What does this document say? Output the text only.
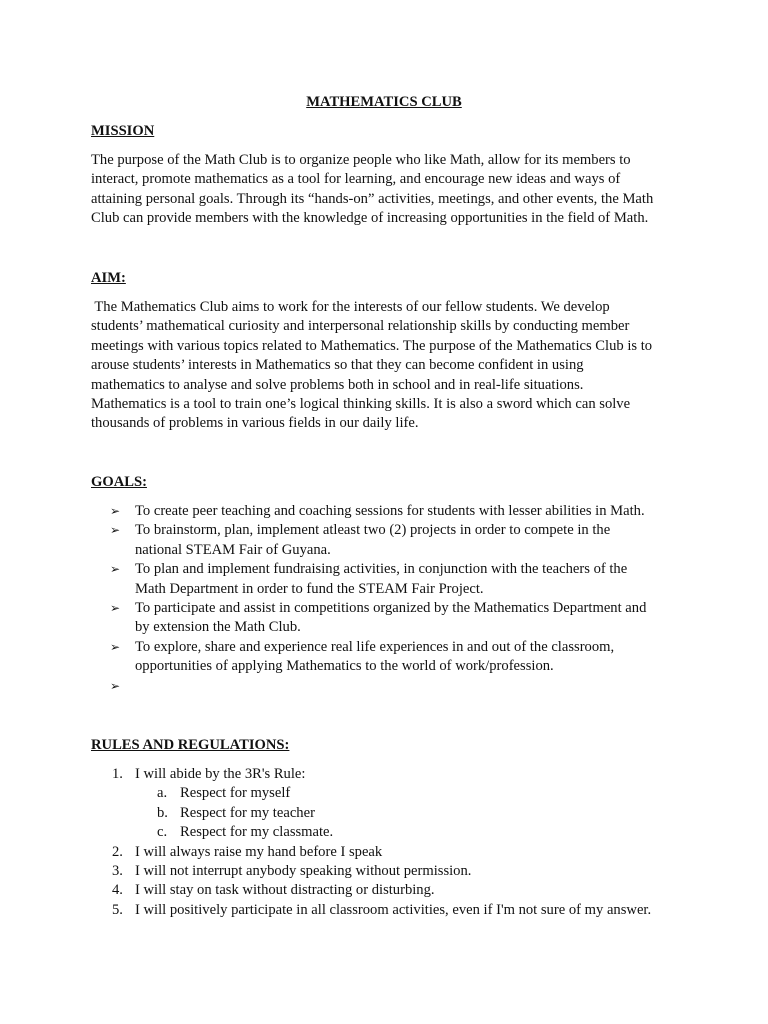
MATHEMATICS CLUB
MISSION

The purpose of the Math Club is to organize people who like Math, allow for its members to

interact, promote mathematics as a tool for learning, and encourage new ideas and ways of

attaining personal goals. Through its “hands-on” activities, meetings, and other events, the Math

Club can provide members with the knowledge of increasing opportunities in the field of Math.

AIM:

The Mathematics Club aims to work for the interests of our fellow students. We develop

students’ mathematical curiosity and interpersonal relationship skills by conducting member

meetings with various topics related to Mathematics. The purpose of the Mathematics Club is to

arouse students’ interests in Mathematics so that they can become confident in using

mathematics to analyse and solve problems both in school and in real-life situations.

Mathematics is a tool to train one’s logical thinking skills. It is also a sword which can solve

thousands of problems in various fields in our daily life.

GOALS:
➢ To create peer teaching and coaching sessions for students with lesser abilities in Math.
➢ To brainstorm, plan, implement atleast two (2) projects in order to compete in the
national STEAM Fair of Guyana.
➢ To plan and implement fundraising activities, in conjunction with the teachers of the
Math Department in order to fund the STEAM Fair Project.
➢ To participate and assist in competitions organized by the Mathematics Department and
by extension the Math Club.
➢ To explore, share and experience real life experiences in and out of the classroom,
opportunities of applying Mathematics to the world of work/profession.
➢
RULES AND REGULATIONS:
1. I will abide by the 3R's Rule:
a. Respect for myself
b. Respect for my teacher
c. Respect for my classmate.
2. I will always raise my hand before I speak
3. I will not interrupt anybody speaking without permission.
4. I will stay on task without distracting or disturbing.
5. I will positively participate in all classroom activities, even if I'm not sure of my answer.
